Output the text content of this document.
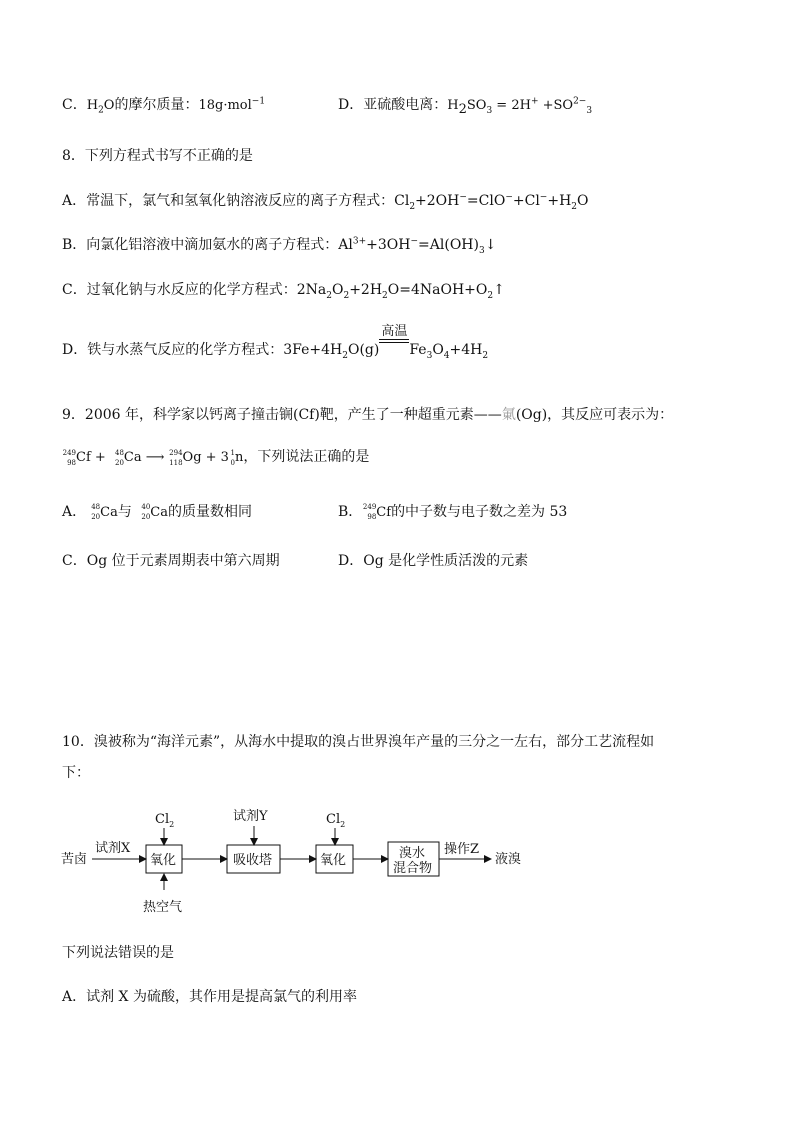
C．$H_2O$的摩尔质量：18g·mol$^{-1}$	D．亚硫酸电离：$H_2SO_3 = 2H^+ +SO^{2-}_3$
8．下列方程式书写不正确的是
A．常温下，氯气和氢氧化钠溶液反应的离子方程式：$Cl_2+2OH^-=ClO^-+Cl^-+H_2O$
B．向氯化铝溶液中滴加氨水的离子方程式：$Al^{3+}+3OH^-=Al(OH)_3↓$
C．过氧化钠与水反应的化学方程式：$2Na_2O_2+2H_2O=4NaOH+O_2↑$
D．铁与水蒸气反应的化学方程式：$3Fe+4H_2O(g)$
高温
$Fe_3O_4+4H_2$
9．2006 年，科学家以钙离子撞击锎(Cf)靶，产生了一种超重元素——氭(Og)，其反应可表示为：
249
98 Cf + 48
20 Ca ⟶ 294
118 Og + 3 1
0 n，下列说法正确的是
A． 48
20 Ca与 40
20 Ca的质量数相同	B． 249
98 Cf的中子数与电子数之差为 53
C．Og 位于元素周期表中第六周期	D．Og 是化学性质活泼的元素
10．溴被称为“海洋元素”，从海水中提取的溴占世界溴年产量的三分之一左右，部分工艺流程如
下：
苦卤
试剂X
氧化
$Cl_2$
热空气
吸收塔
试剂Y
氧化
$Cl_2$
溴水
混合物
操作Z
液溴
下列说法错误的是
A．试剂 X 为硫酸，其作用是提高氯气的利用率
